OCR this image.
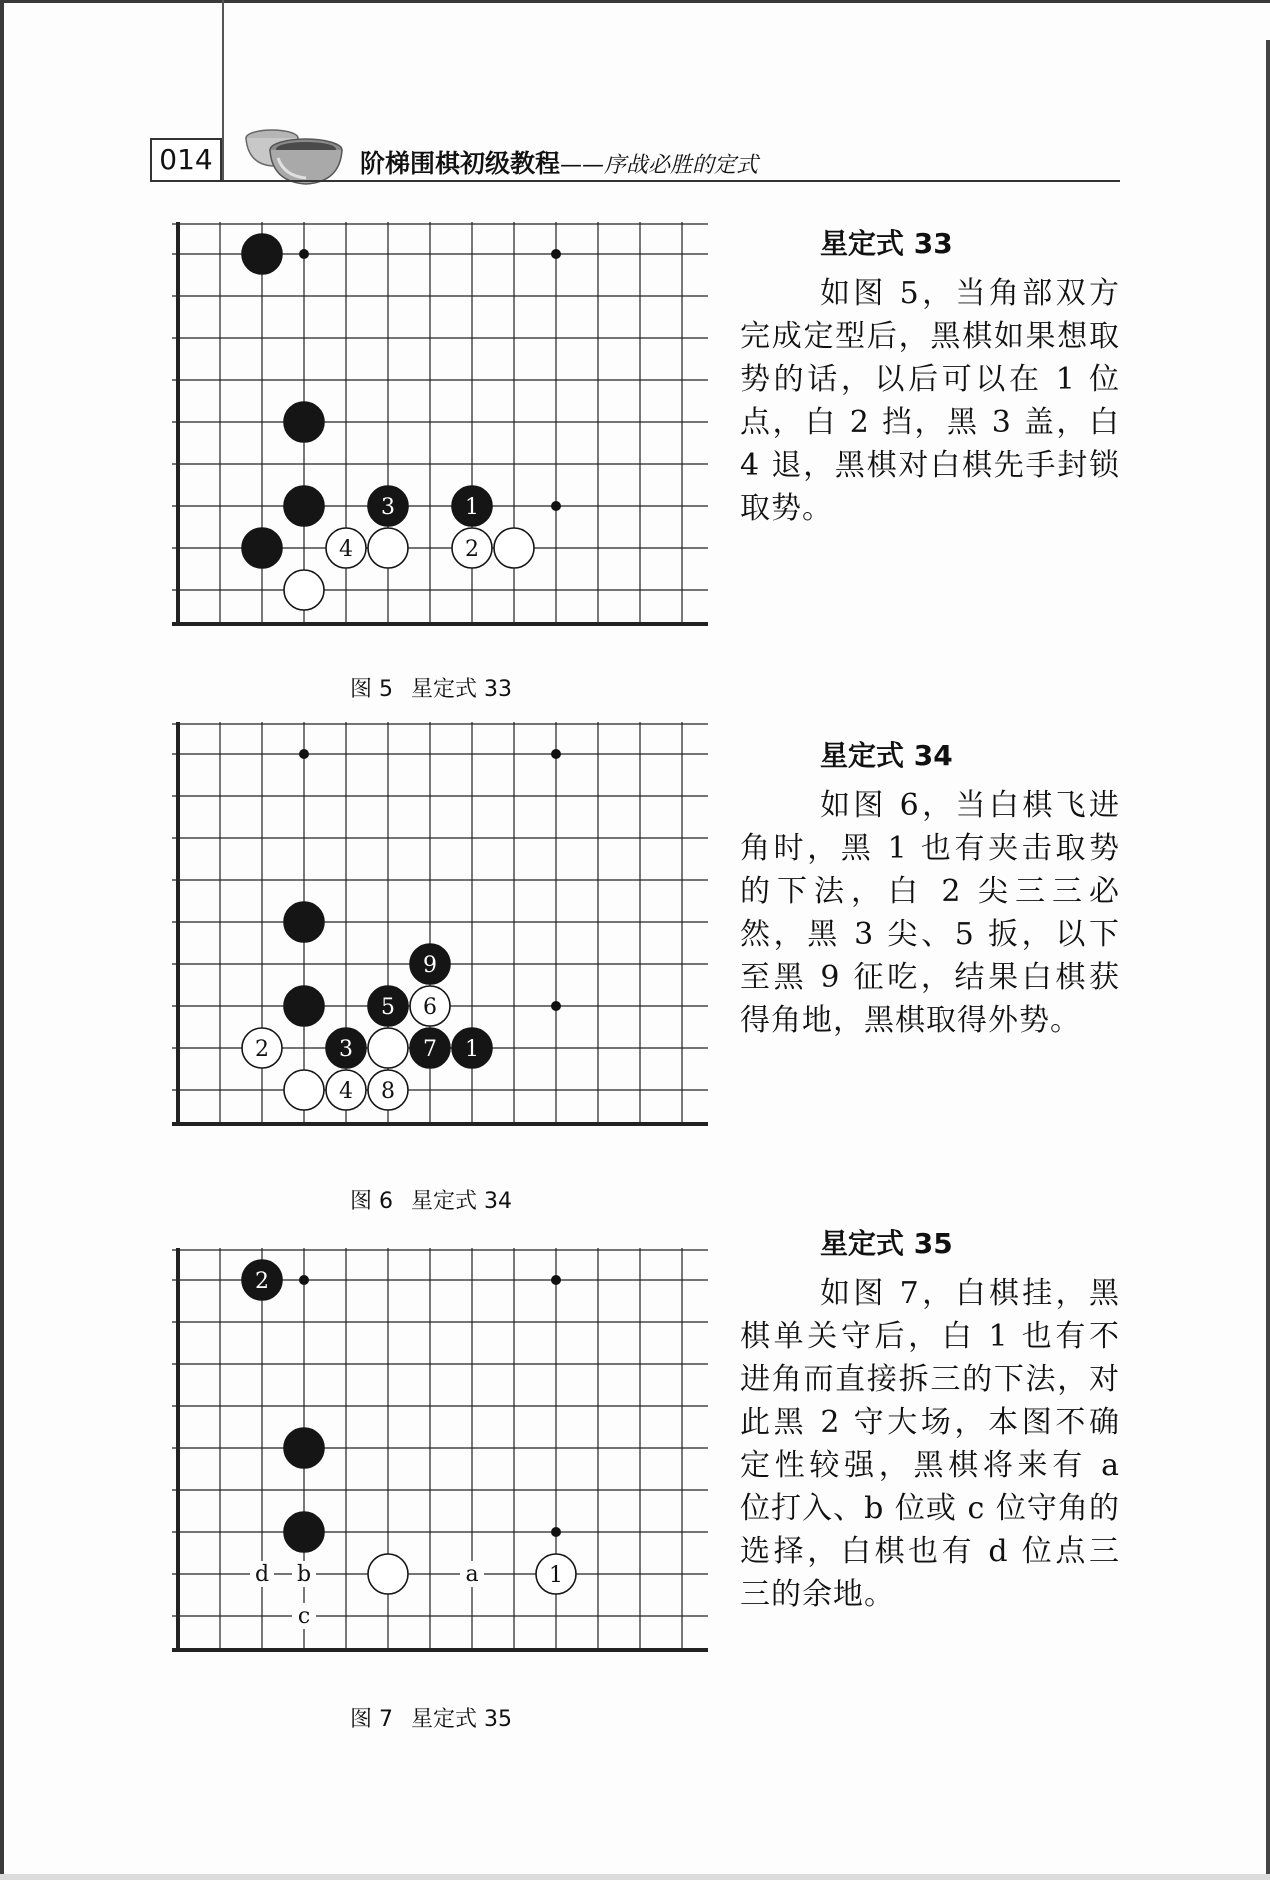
014	阶梯围棋初级教程——序战必胜的定式
3	1
4	2
图 5 星定式 33
星定式 33

如图 5，当角部双方完成定型后，黑棋如果想取势的话，以后可以在 1 位点，白 2 挡，黑 3 盖，白 4 退，黑棋对白棋先手封锁取势。

9
5 6
2	3	7 1
4 8
图 6 星定式 34
星定式 34

如图 6，当白棋飞进角时，黑 1 也有夹击取势的下法，白 2 尖三三必然，黑 3 尖、5 扳，以下至黑 9 征吃，结果白棋获得角地，黑棋取得外势。

d b	a
c
2
1
图 7 星定式 35
星定式 35

如图 7，白棋挂，黑棋单关守后，白 1 也有不进角而直接拆三的下法，对此黑 2 守大场，本图不确定性较强，黑棋将来有 a 位打入、b 位或 c 位守角的选择，白棋也有 d 位点三三的余地。
